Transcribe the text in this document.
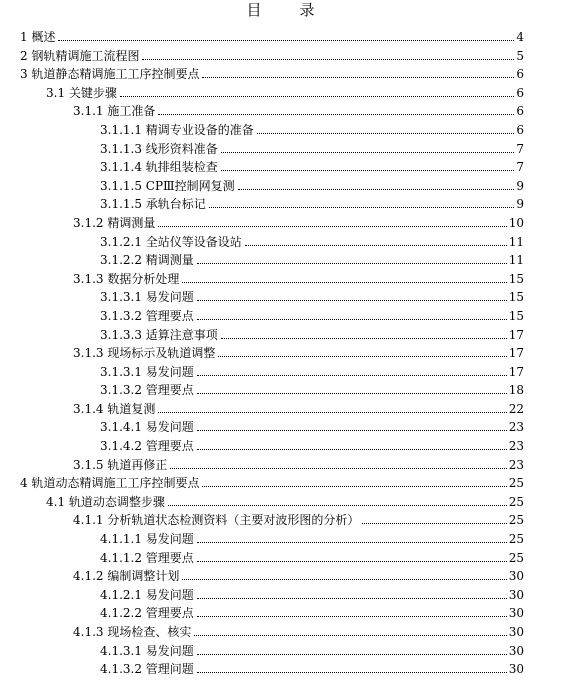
目 录
1 概述	4
2 钢轨精调施工流程图	5
3 轨道静态精调施工工序控制要点	6
3.1 关键步骤	6
3.1.1 施工准备	6
3.1.1.1 精调专业设备的准备	6
3.1.1.3 线形资料准备	7
3.1.1.4 轨排组装检查	7
3.1.1.5 CPⅢ控制网复测	9
3.1.1.5 承轨台标记	9
3.1.2 精调测量	10
3.1.2.1 全站仪等设备设站	11
3.1.2.2 精调测量	11
3.1.3 数据分析处理	15
3.1.3.1 易发问题	15
3.1.3.2 管理要点	15
3.1.3.3 适算注意事项	17
3.1.3 现场标示及轨道调整	17
3.1.3.1 易发问题	17
3.1.3.2 管理要点	18
3.1.4 轨道复测	22
3.1.4.1 易发问题	23
3.1.4.2 管理要点	23
3.1.5 轨道再修正	23
4 轨道动态精调施工工序控制要点	25
4.1 轨道动态调整步骤	25
4.1.1 分析轨道状态检测资料（主要对波形图的分析）	25
4.1.1.1 易发问题	25
4.1.1.2 管理要点	25
4.1.2 编制调整计划	30
4.1.2.1 易发问题	30
4.1.2.2 管理要点	30
4.1.3 现场检查、核实	30
4.1.3.1 易发问题	30
4.1.3.2 管理问题	30
